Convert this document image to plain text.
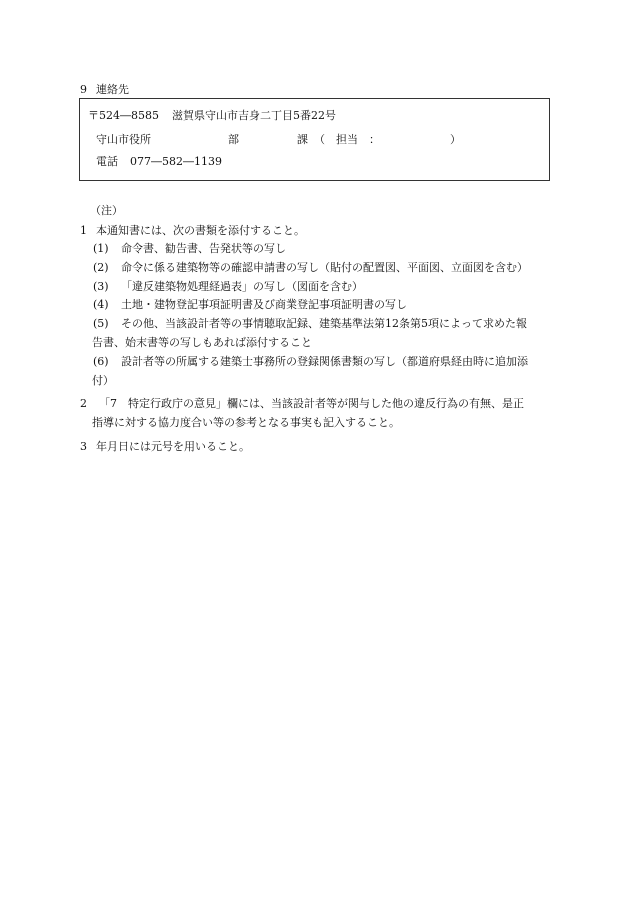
9 連絡先
〒524―8585 滋賀県守山市吉身二丁目5番22号
守山市役所	部	課 （　担当　：	）
電話 077―582―1139
（注）
1 本通知書には、次の書類を添付すること。
(1) 命令書、勧告書、告発状等の写し
(2) 命令に係る建築物等の確認申請書の写し（貼付の配置図、平面図、立面図を含む）
(3) 「違反建築物処理経過表」の写し（図面を含む）
(4) 土地・建物登記事項証明書及び商業登記事項証明書の写し
(5) その他、当該設計者等の事情聴取記録、建築基準法第12条第5項によって求めた報
告書、始末書等の写しもあれば添付すること
(6) 設計者等の所属する建築士事務所の登録関係書類の写し（都道府県経由時に追加添
付）
2 「7　特定行政庁の意見」欄には、当該設計者等が関与した他の違反行為の有無、是正
指導に対する協力度合い等の参考となる事実も記入すること。
3 年月日には元号を用いること。
